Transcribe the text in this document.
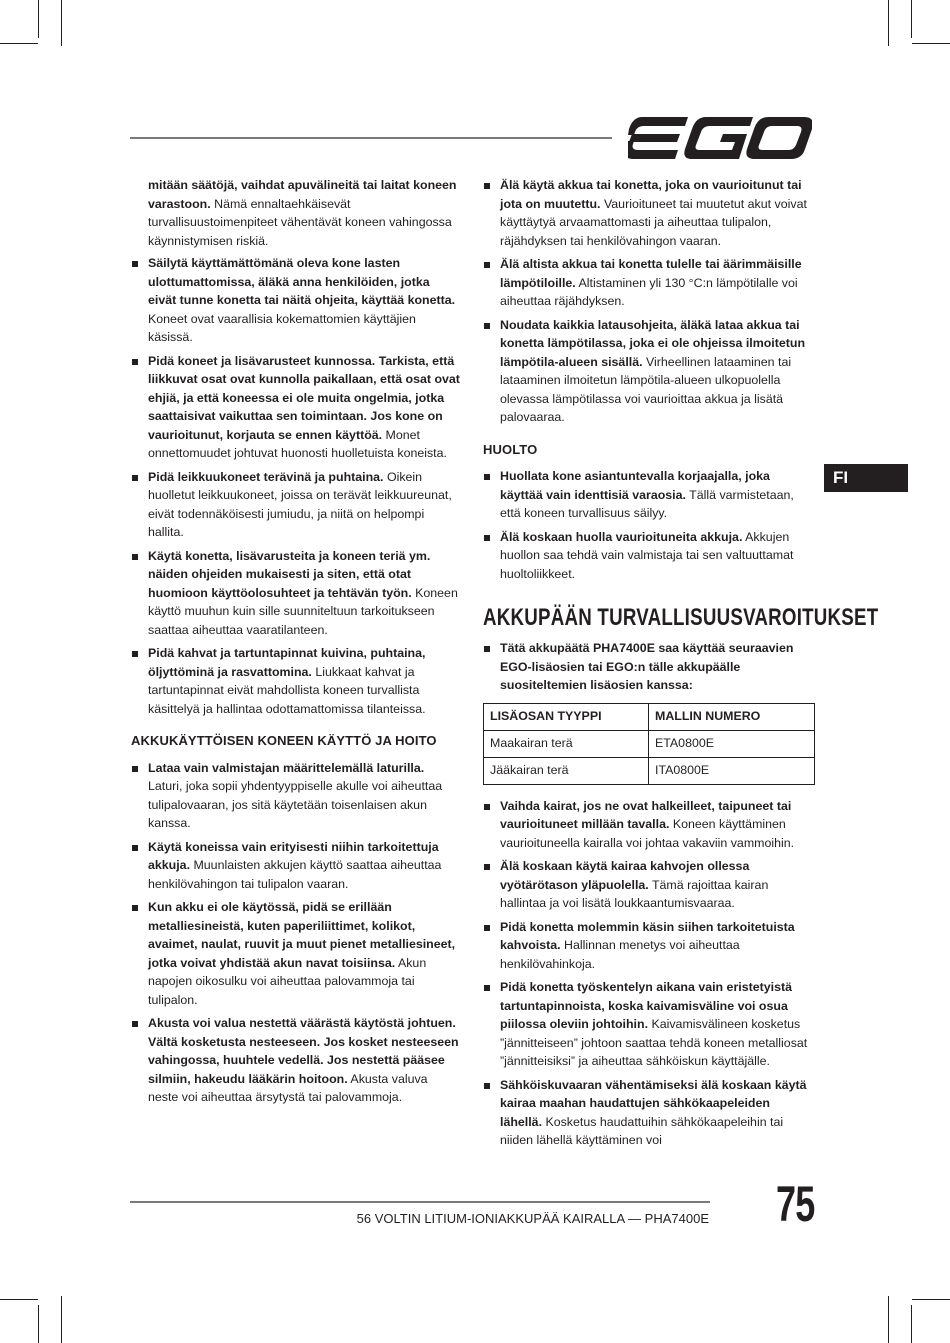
mitään säätöjä, vaihdat apuvälineitä tai laitat koneen varastoon. Nämä ennaltaehkäisevät turvallisuustoimenpiteet vähentävät koneen vahingossa käynnistymisen riskiä.
Säilytä käyttämättömänä oleva kone lasten ulottumattomissa, äläkä anna henkilöiden, jotka eivät tunne konetta tai näitä ohjeita, käyttää konetta. Koneet ovat vaarallisia kokemattomien käyttäjien käsissä.
Pidä koneet ja lisävarusteet kunnossa. Tarkista, että liikkuvat osat ovat kunnolla paikallaan, että osat ovat ehjiä, ja että koneessa ei ole muita ongelmia, jotka saattaisivat vaikuttaa sen toimintaan. Jos kone on vaurioitunut, korjauta se ennen käyttöä. Monet onnettomuudet johtuvat huonosti huolletuista koneista.
Pidä leikkuukoneet terävinä ja puhtaina. Oikein huolletut leikkuukoneet, joissa on terävät leikkuureunat, eivät todennäköisesti jumiudu, ja niitä on helpompi hallita.
Käytä konetta, lisävarusteita ja koneen teriä ym. näiden ohjeiden mukaisesti ja siten, että otat huomioon käyttöolosuhteet ja tehtävän työn. Koneen käyttö muuhun kuin sille suunniteltuun tarkoitukseen saattaa aiheuttaa vaaratilanteen.
Pidä kahvat ja tartuntapinnat kuivina, puhtaina, öljyttöminä ja rasvattomina. Liukkaat kahvat ja tartuntapinnat eivät mahdollista koneen turvallista käsittelyä ja hallintaa odottamattomissa tilanteissa.
AKKUKÄYTTÖISEN KONEEN KÄYTTÖ JA HOITO
Lataa vain valmistajan määrittelemällä laturilla. Laturi, joka sopii yhdentyyppiselle akulle voi aiheuttaa tulipalovaaran, jos sitä käytetään toisenlaisen akun kanssa.
Käytä koneissa vain erityisesti niihin tarkoitettuja akkuja. Muunlaisten akkujen käyttö saattaa aiheuttaa henkilövahingon tai tulipalon vaaran.
Kun akku ei ole käytössä, pidä se erillään metalliesineistä, kuten paperiliittimet, kolikot, avaimet, naulat, ruuvit ja muut pienet metalliesineet, jotka voivat yhdistää akun navat toisiinsa. Akun napojen oikosulku voi aiheuttaa palovammoja tai tulipalon.
Akusta voi valua nestettä väärästä käytöstä johtuen. Vältä kosketusta nesteeseen. Jos kosket nesteeseen vahingossa, huuhtele vedellä. Jos nestettä pääsee silmiin, hakeudu lääkärin hoitoon. Akusta valuva neste voi aiheuttaa ärsytystä tai palovammoja.
Älä käytä akkua tai konetta, joka on vaurioitunut tai jota on muutettu. Vaurioituneet tai muutetut akut voivat käyttäytyä arvaamattomasti ja aiheuttaa tulipalon, räjähdyksen tai henkilövahingon vaaran.
Älä altista akkua tai konetta tulelle tai äärimmäisille lämpötiloille. Altistaminen yli 130 °C:n lämpötilalle voi aiheuttaa räjähdyksen.
Noudata kaikkia latausohjeita, äläkä lataa akkua tai konetta lämpötilassa, joka ei ole ohjeissa ilmoitetun lämpötila-alueen sisällä. Virheellinen lataaminen tai lataaminen ilmoitetun lämpötila-alueen ulkopuolella olevassa lämpötilassa voi vaurioittaa akkua ja lisätä palovaaraa.
HUOLTO
Huollata kone asiantuntevalla korjaajalla, joka käyttää vain identtisiä varaosia. Tällä varmistetaan, että koneen turvallisuus säilyy.
Älä koskaan huolla vaurioituneita akkuja. Akkujen huollon saa tehdä vain valmistaja tai sen valtuuttamat huoltoliikkeet.
AKKUPÄÄN TURVALLISUUSVAROITUKSET
Tätä akkupäätä PHA7400E saa käyttää seuraavien EGO-lisäosien tai EGO:n tälle akkupäälle suositeltemien lisäosien kanssa:
LISÄOSAN TYYPPI	MALLIN NUMERO
Maakairan terä	ETA0800E
Jääkairan terä	ITA0800E
Vaihda kairat, jos ne ovat halkeilleet, taipuneet tai vaurioituneet millään tavalla. Koneen käyttäminen vaurioituneella kairalla voi johtaa vakaviin vammoihin.
Älä koskaan käytä kairaa kahvojen ollessa vyötärötason yläpuolella. Tämä rajoittaa kairan hallintaa ja voi lisätä loukkaantumisvaaraa.
Pidä konetta molemmin käsin siihen tarkoitetuista kahvoista. Hallinnan menetys voi aiheuttaa henkilövahinkoja.
Pidä konetta työskentelyn aikana vain eristetyistä tartuntapinnoista, koska kaivamisväline voi osua piilossa oleviin johtoihin. Kaivamisvälineen kosketus ”jännitteiseen” johtoon saattaa tehdä koneen metalliosat ”jännitteisiksi” ja aiheuttaa sähköiskun käyttäjälle.
Sähköiskuvaaran vähentämiseksi älä koskaan käytä kairaa maahan haudattujen sähkökaapeleiden lähellä. Kosketus haudattuihin sähkökaapeleihin tai niiden lähellä käyttäminen voi
FI
56 VOLTIN LITIUM-IONIAKKUPÄÄ KAIRALLA — PHA7400E 75
